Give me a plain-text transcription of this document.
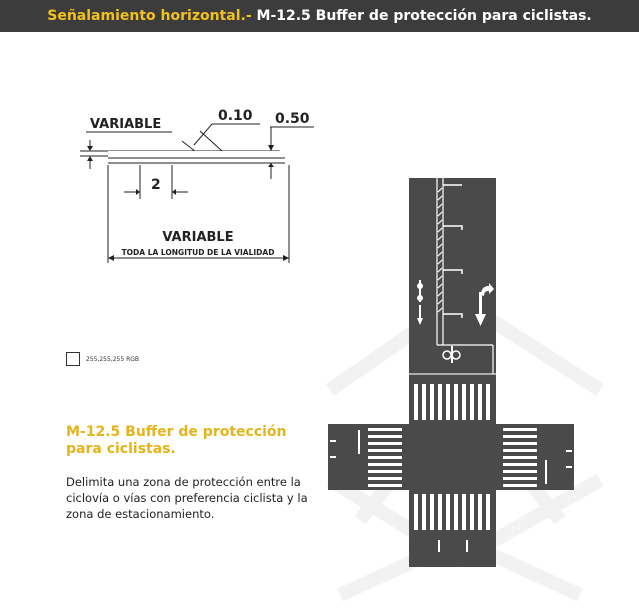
Señalamiento horizontal.- M-12.5 Buffer de protección para ciclistas.
VARIABLE
0.10 0.50
2
VARIABLE
TODA LA LONGITUD DE LA VIALIDAD
255,255,255 RGB
M-12.5 Buffer de protección para ciclistas.
Delimita una zona de protección entre la ciclovía o vías con preferencia ciclista y la zona de estacionamiento.
